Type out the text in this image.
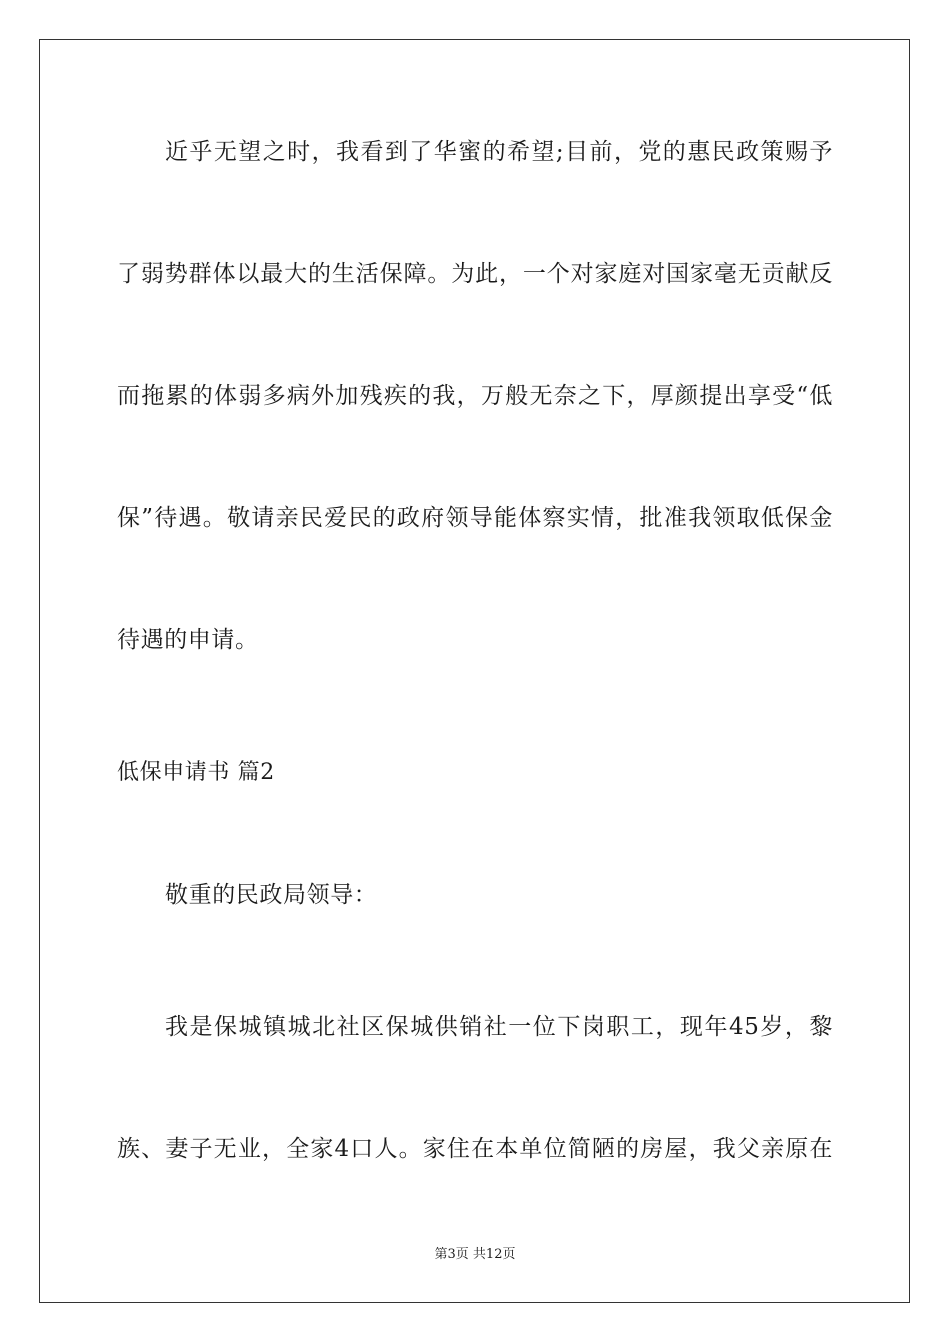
近乎无望之时，我看到了华蜜的希望;目前，党的惠民政策赐予
了弱势群体以最大的生活保障。为此，一个对家庭对国家毫无贡献反
而拖累的体弱多病外加残疾的我，万般无奈之下，厚颜提出享受“低
保”待遇。敬请亲民爱民的政府领导能体察实情，批准我领取低保金
待遇的申请。
低保申请书 篇2
敬重的民政局领导：
我是保城镇城北社区保城供销社一位下岗职工，现年45岁，黎
族、妻子无业，全家4口人。家住在本单位简陋的房屋，我父亲原在
第3页 共12页
